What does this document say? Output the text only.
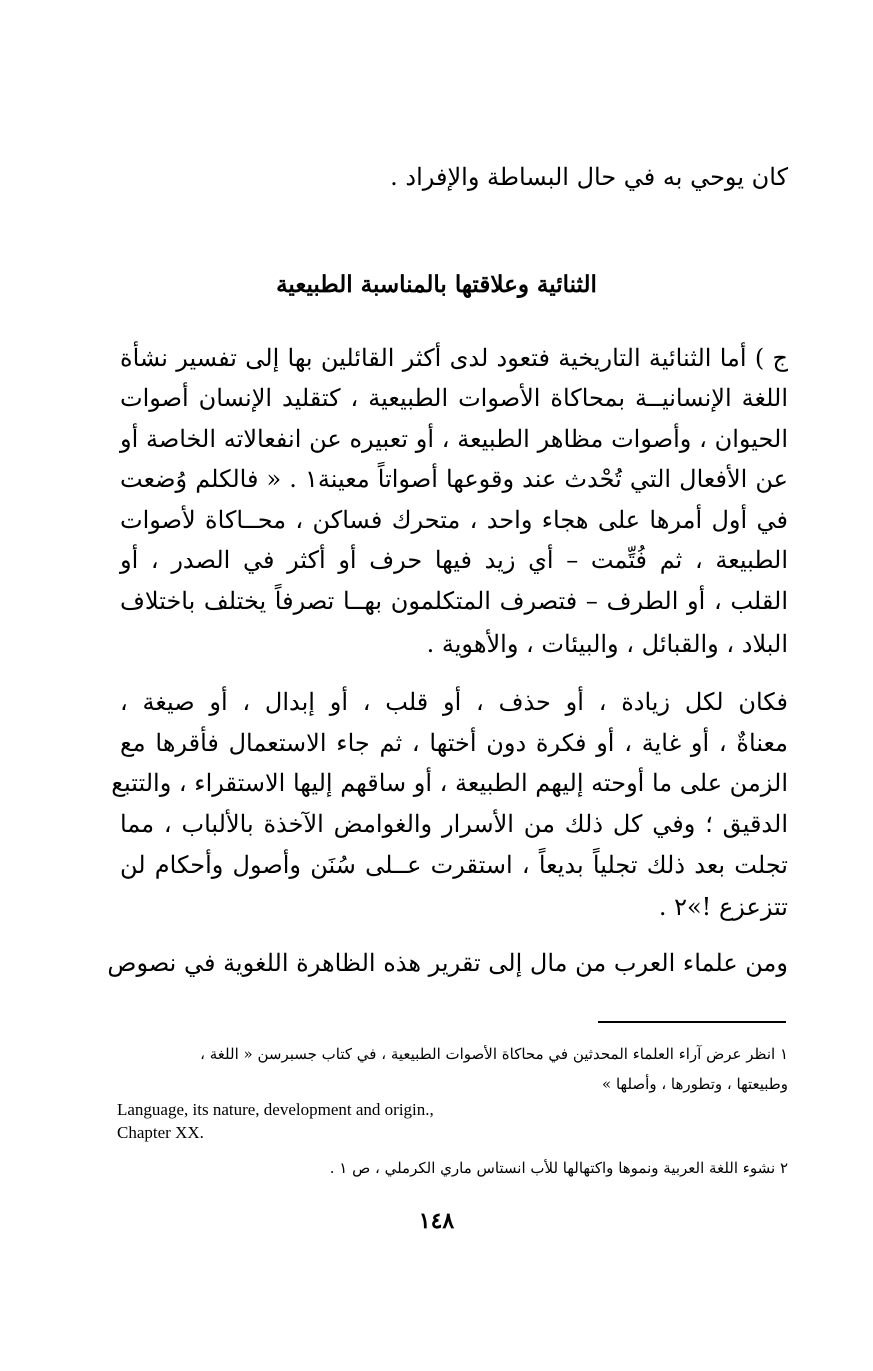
كان يوحي به في حال البساطة والإفراد .
الثنائية وعلاقتها بالمناسبة الطبيعية
ج ) أما الثنائية التاريخية فتعود لدى أكثر القائلين بها إلى تفسير نشأة
اللغة الإنسانيــة بمحاكاة الأصوات الطبيعية ، كتقليد الإنسان أصوات
الحيوان ، وأصوات مظاهر الطبيعة ، أو تعبيره عن انفعالاته الخاصة أو
عن الأفعال التي تُحْدث عند وقوعها أصواتاً معينة١ . « فالكلم وُضعت
في أول أمرها على هجاء واحد ، متحرك فساكن ، محــاكاة لأصوات
الطبيعة ، ثم فُتِّمت – أي زيد فيها حرف أو أكثر في الصدر ، أو
القلب ، أو الطرف – فتصرف المتكلمون بهــا تصرفاً يختلف باختلاف
البلاد ، والقبائل ، والبيئات ، والأهوية .
فكان لكل زيادة ، أو حذف ، أو قلب ، أو إبدال ، أو صيغة ،
معناةٌ ، أو غاية ، أو فكرة دون أختها ، ثم جاء الاستعمال فأقرها مع
الزمن على ما أوحته إليهم الطبيعة ، أو ساقهم إليها الاستقراء ، والتتبع
الدقيق ؛ وفي كل ذلك من الأسرار والغوامض الآخذة بالألباب ، مما
تجلت بعد ذلك تجلياً بديعاً ، استقرت عــلى سُنَن وأصول وأحكام لن
تتزعزع !»٢ .
ومن علماء العرب من مال إلى تقرير هذه الظاهرة اللغوية في نصوص
١ انظر عرض آراء العلماء المحدثين في محاكاة الأصوات الطبيعية ، في كتاب جسبرسن « اللغة ،
وطبيعتها ، وتطورها ، وأصلها »
Language, its nature, development and origin.,
Chapter XX.
٢ نشوء اللغة العربية ونموها واكتهالها للأب انستاس ماري الكرملي ، ص ١ .
١٤٨
